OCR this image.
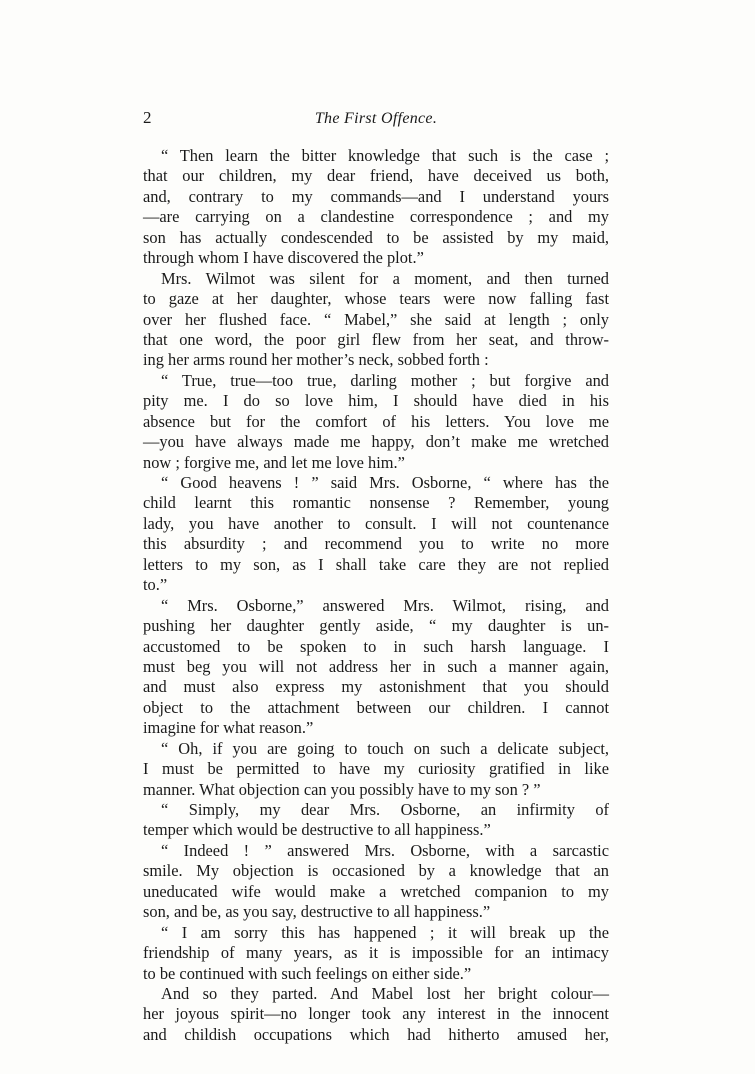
2	The First Offence.
“ Then learn the bitter knowledge that such is the case ;
that our children, my dear friend, have deceived us both,
and, contrary to my commands—and I understand yours
—are carrying on a clandestine correspondence ; and my
son has actually condescended to be assisted by my maid,
through whom I have discovered the plot.”
Mrs. Wilmot was silent for a moment, and then turned
to gaze at her daughter, whose tears were now falling fast
over her flushed face. “ Mabel,” she said at length ; only
that one word, the poor girl flew from her seat, and throw-
ing her arms round her mother’s neck, sobbed forth :
“ True, true—too true, darling mother ; but forgive and
pity me. I do so love him, I should have died in his
absence but for the comfort of his letters. You love me
—you have always made me happy, don’t make me wretched
now ; forgive me, and let me love him.”
“ Good heavens ! ” said Mrs. Osborne, “ where has the
child learnt this romantic nonsense ? Remember, young
lady, you have another to consult. I will not countenance
this absurdity ; and recommend you to write no more
letters to my son, as I shall take care they are not replied
to.”
“ Mrs. Osborne,” answered Mrs. Wilmot, rising, and
pushing her daughter gently aside, “ my daughter is un-
accustomed to be spoken to in such harsh language. I
must beg you will not address her in such a manner again,
and must also express my astonishment that you should
object to the attachment between our children. I cannot
imagine for what reason.”
“ Oh, if you are going to touch on such a delicate subject,
I must be permitted to have my curiosity gratified in like
manner. What objection can you possibly have to my son ? ”
“ Simply, my dear Mrs. Osborne, an infirmity of
temper which would be destructive to all happiness.”
“ Indeed ! ” answered Mrs. Osborne, with a sarcastic
smile. My objection is occasioned by a knowledge that an
uneducated wife would make a wretched companion to my
son, and be, as you say, destructive to all happiness.”
“ I am sorry this has happened ; it will break up the
friendship of many years, as it is impossible for an intimacy
to be continued with such feelings on either side.”
And so they parted. And Mabel lost her bright colour—
her joyous spirit—no longer took any interest in the innocent
and childish occupations which had hitherto amused her,
